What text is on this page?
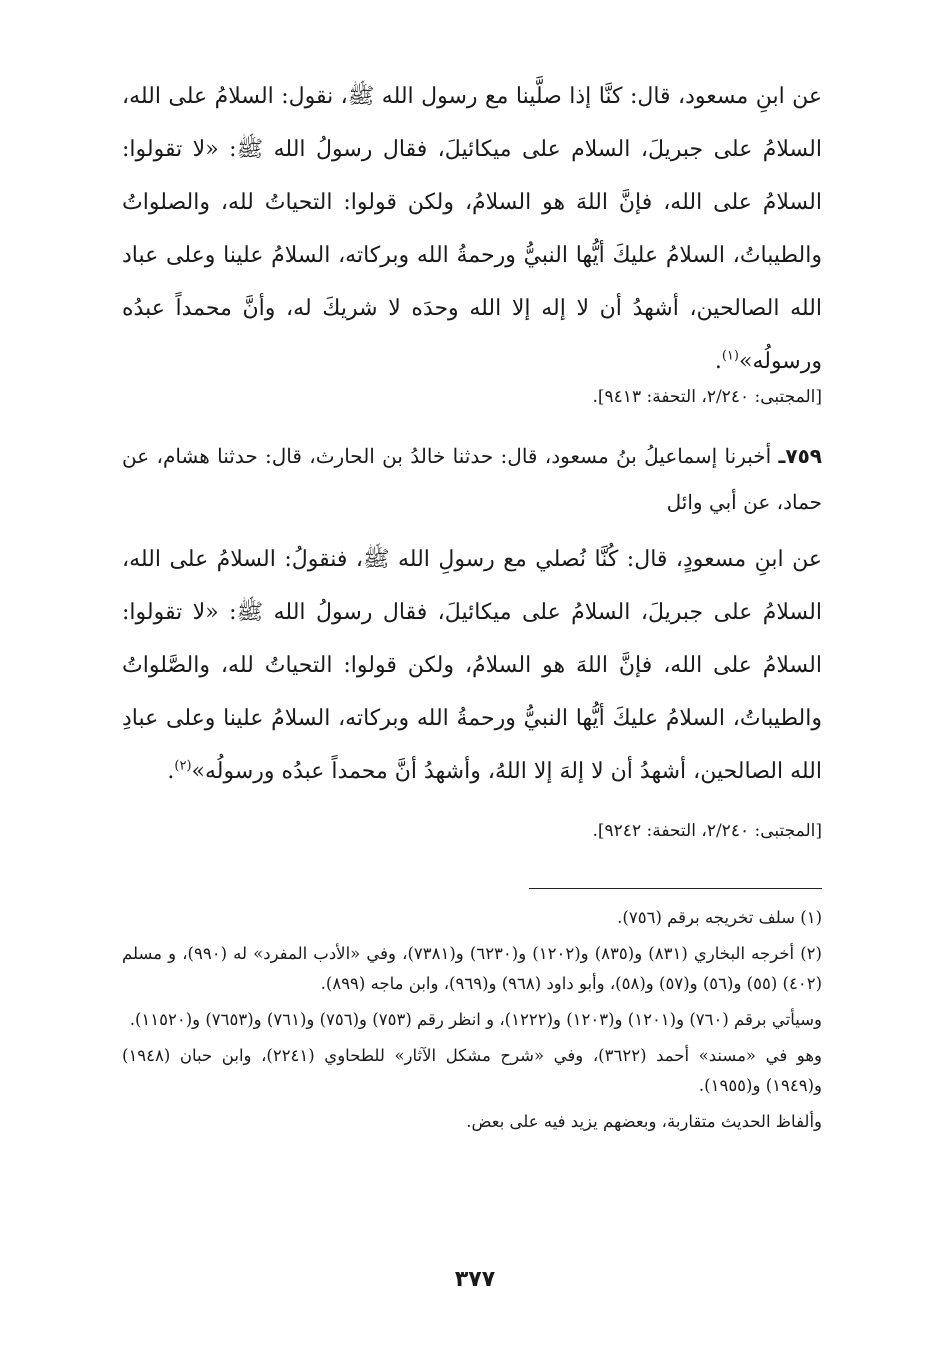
عن ابنِ مسعود، قال: كنَّا إذا صلَّينا مع رسول الله ﷺ، نقول: السلامُ على الله، السلامُ على جبريلَ، السلام على ميكائيلَ، فقال رسولُ الله ﷺ: «لا تقولوا: السلامُ على الله، فإنَّ اللهَ هو السلامُ، ولكن قولوا: التحياتُ لله، والصلواتُ والطيباتُ، السلامُ عليكَ أيُّها النبيُّ ورحمةُ الله وبركاته، السلامُ علينا وعلى عباد الله الصالحين، أشهدُ أن لا إله إلا الله وحدَه لا شريكَ له، وأنَّ محمداً عبدُه ورسولُه»$^{(١)}$.

[المجتبى: ٢/٢٤٠، التحفة: ٩٤١٣].

٧٥٩ـ أخبرنا إسماعيلُ بنُ مسعود، قال: حدثنا خالدُ بن الحارث، قال: حدثنا هشام، عن حماد، عن أبي وائل

عن ابنِ مسعودٍ، قال: كُنَّا نُصلي مع رسولِ الله ﷺ، فنقولُ: السلامُ على الله، السلامُ على جبريلَ، السلامُ على ميكائيلَ، فقال رسولُ الله ﷺ: «لا تقولوا: السلامُ على الله، فإنَّ اللهَ هو السلامُ، ولكن قولوا: التحياتُ لله، والصَّلواتُ والطيباتُ، السلامُ عليكَ أيُّها النبيُّ ورحمةُ الله وبركاته، السلامُ علينا وعلى عبادِ الله الصالحين، أشهدُ أن لا إلهَ إلا اللهُ، وأشهدُ أنَّ محمداً عبدُه ورسولُه»$^{(٢)}$.

[المجتبى: ٢/٢٤٠، التحفة: ٩٢٤٢].

(١) سلف تخريجه برقم (٧٥٦).

(٢) أخرجه البخاري (٨٣١) و(٨٣٥) و(١٢٠٢) و(٦٢٣٠) و(٧٣٨١)، وفي «الأدب المفرد» له (٩٩٠)، و مسلم (٤٠٢) (٥٥) و(٥٦) و(٥٧) و(٥٨)، وأبو داود (٩٦٨) و(٩٦٩)، وابن ماجه (٨٩٩).

وسيأتي برقم (٧٦٠) و(١٢٠١) و(١٢٠٣) و(١٢٢٢)، و انظر رقم (٧٥٣) و(٧٥٦) و(٧٦١) و(٧٦٥٣) و(١١٥٢٠).

وهو في «مسند» أحمد (٣٦٢٢)، وفي «شرح مشكل الآثار» للطحاوي (٢٢٤١)، وابن حبان (١٩٤٨) و(١٩٤٩) و(١٩٥٥).

وألفاظ الحديث متقاربة، وبعضهم يزيد فيه على بعض.

٣٧٧
